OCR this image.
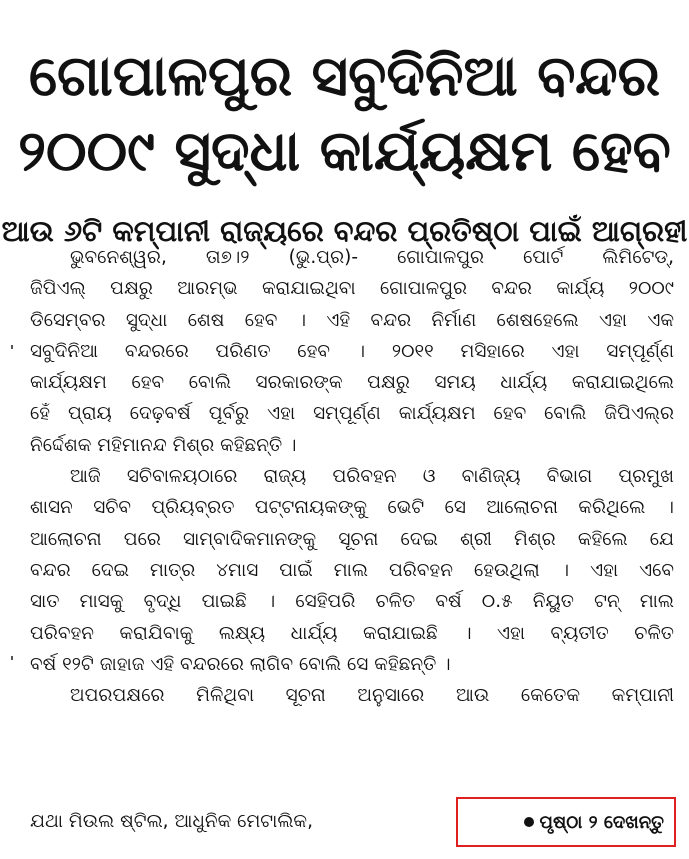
ଗୋପାଳପୁର ସବୁଦିନିଆ ବନ୍ଦର
୨୦୦୯ ସୁଦ୍ଧା କାର୍ଯ୍ୟକ୍ଷମ ହେବ
ଆଉ ୬ଟି କମ୍ପାନୀ ରାଜ୍ୟରେ ବନ୍ଦର ପ୍ରତିଷ୍ଠା ପାଇଁ ଆଗ୍ରହୀ
ଭୁବନେଶ୍ୱର, ତା୭।୨ (ଭୁ.ପ୍ର)- ଗୋପାଳପୁର ପୋର୍ଟ ଲିମିଟେଡ୍,
ଜିପିଏଲ୍ ପକ୍ଷରୁ ଆରମ୍ଭ କରାଯାଇଥିବା ଗୋପାଳପୁର ବନ୍ଦର କାର୍ଯ୍ୟ ୨୦୦୯
ଡିସେମ୍ବର ସୁଦ୍ଧା ଶେଷ ହେବ । ଏହି ବନ୍ଦର ନିର୍ମାଣ ଶେଷହେଲେ ଏହା ଏକ
ସବୁଦିନିଆ ବନ୍ଦରରେ ପରିଣତ ହେବ । ୨୦୧୧ ମସିହାରେ ଏହା ସମ୍ପୂର୍ଣ୍ଣ
କାର୍ଯ୍ୟକ୍ଷମ ହେବ ବୋଲି ସରକାରଙ୍କ ପକ୍ଷରୁ ସମୟ ଧାର୍ଯ୍ୟ କରାଯାଇଥିଲେ
ହେଁ ପ୍ରାୟ ଦେଢ଼ବର୍ଷ ପୂର୍ବରୁ ଏହା ସମ୍ପୂର୍ଣ୍ଣ କାର୍ଯ୍ୟକ୍ଷମ ହେବ ବୋଲି ଜିପିଏଲ୍‌ର
ନିର୍ଦ୍ଦେଶକ ମହିମାନନ୍ଦ ମିଶ୍ର କହିଛନ୍ତି ।
ଆଜି ସଚିବାଳୟଠାରେ ରାଜ୍ୟ ପରିବହନ ଓ ବାଣିଜ୍ୟ ବିଭାଗ ପ୍ରମୁଖ
ଶାସନ ସଚିବ ପ୍ରିୟବ୍ରତ ପଟ୍ଟନାୟକଙ୍କୁ ଭେଟି ସେ ଆଲୋଚନା କରିଥିଲେ ।
ଆଲୋଚନା ପରେ ସାମ୍ବାଦିକମାନଙ୍କୁ ସୂଚନା ଦେଇ ଶ୍ରୀ ମିଶ୍ର କହିଲେ ଯେ
ବନ୍ଦର ଦେଇ ମାତ୍ର ୪ମାସ ପାଇଁ ମାଲ ପରିବହନ ହେଉଥିଲା । ଏହା ଏବେ
ସାତ ମାସକୁ ବୃଦ୍ଧି ପାଇଛି । ସେହିପରି ଚଳିତ ବର୍ଷ ୦.୫ ନିୟୁତ ଟନ୍ ମାଲ
ପରିବହନ କରାଯିବାକୁ ଲକ୍ଷ୍ୟ ଧାର୍ଯ୍ୟ କରାଯାଇଛି । ଏହା ବ୍ୟତୀତ ଚଳିତ
ବର୍ଷ ୧୨ଟି ଜାହାଜ ଏହି ବନ୍ଦରରେ ଲାଗିବ ବୋଲି ସେ କହିଛନ୍ତି ।
ଅପରପକ୍ଷରେ ମିଳିଥିବା ସୂଚନା ଅନୁସାରେ ଆଉ କେତେକ କମ୍ପାନୀ
ଯଥା ମିଉଲ ଷ୍ଟିଲ, ଆଧୁନିକ ମେଟାଲିକ,	ପୃଷ୍ଠା ୨ ଦେଖନ୍ତୁ
